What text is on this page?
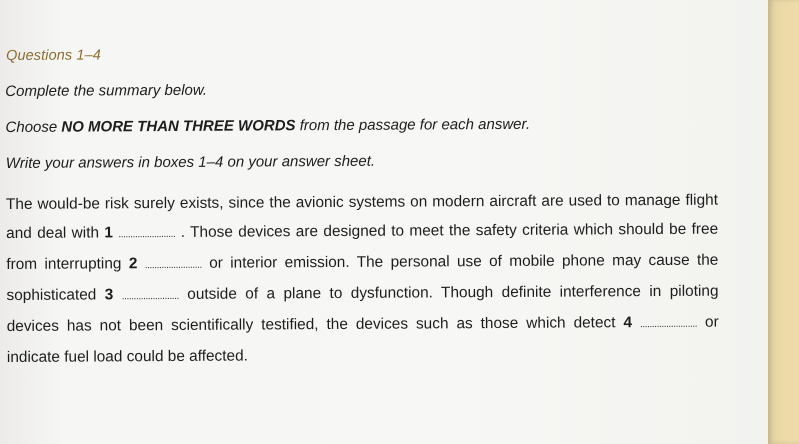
Questions 1–4
Complete the summary below.
Choose NO MORE THAN THREE WORDS from the passage for each answer.
Write your answers in boxes 1–4 on your answer sheet.
The would-be risk surely exists, since the avionic systems on modern aircraft are used to manage flight and deal with 1 ........................ . Those devices are designed to meet the safety criteria which should be free from interrupting 2 ........................ or interior emission. The personal use of mobile phone may cause the sophisticated 3 ........................ outside of a plane to dysfunction. Though definite interference in piloting devices has not been scientifically testified, the devices such as those which detect 4 ........................ or indicate fuel load could be affected.
